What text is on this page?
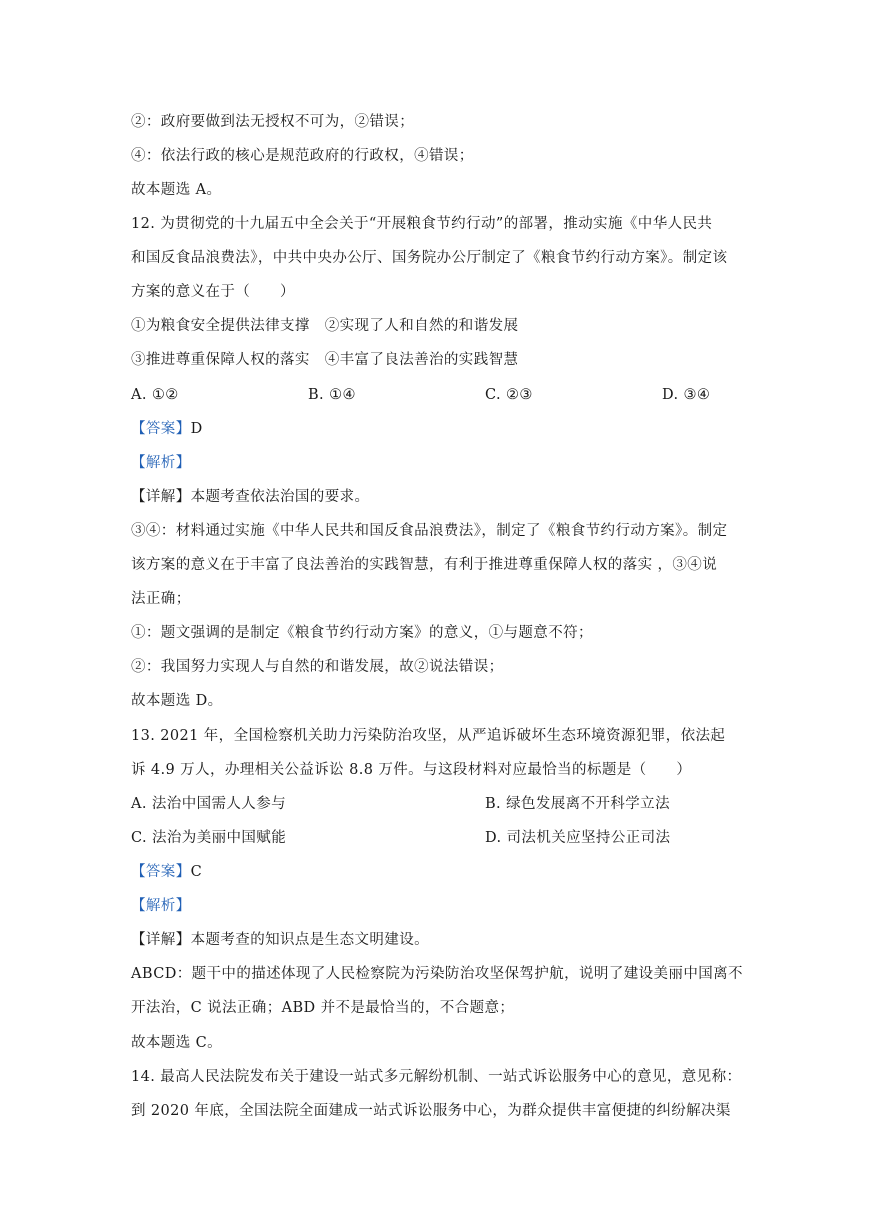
②：政府要做到法无授权不可为，②错误；
④：依法行政的核心是规范政府的行政权，④错误；
故本题选 A。
12. 为贯彻党的十九届五中全会关于“开展粮食节约行动”的部署，推动实施《中华人民共
和国反食品浪费法》，中共中央办公厅、国务院办公厅制定了《粮食节约行动方案》。制定该
方案的意义在于（　　）
①为粮食安全提供法律支撑　②实现了人和自然的和谐发展
③推进尊重保障人权的落实　④丰富了良法善治的实践智慧
A. ①②	B. ①④	C. ②③	D. ③④
【答案】D
【解析】
【详解】本题考查依法治国的要求。
③④：材料通过实施《中华人民共和国反食品浪费法》，制定了《粮食节约行动方案》。制定
该方案的意义在于丰富了良法善治的实践智慧，有利于推进尊重保障人权的落实 ，③④说
法正确；
①：题文强调的是制定《粮食节约行动方案》的意义，①与题意不符；
②：我国努力实现人与自然的和谐发展，故②说法错误；
故本题选 D。
13. 2021 年，全国检察机关助力污染防治攻坚，从严追诉破坏生态环境资源犯罪，依法起
诉 4.9 万人，办理相关公益诉讼 8.8 万件。与这段材料对应最恰当的标题是（　　）
A. 法治中国需人人参与	B. 绿色发展离不开科学立法
C. 法治为美丽中国赋能	D. 司法机关应坚持公正司法
【答案】C
【解析】
【详解】本题考查的知识点是生态文明建设。
ABCD：题干中的描述体现了人民检察院为污染防治攻坚保驾护航，说明了建设美丽中国离不
开法治，C 说法正确；ABD 并不是最恰当的，不合题意；
故本题选 C。
14. 最高人民法院发布关于建设一站式多元解纷机制、一站式诉讼服务中心的意见，意见称：
到 2020 年底，全国法院全面建成一站式诉讼服务中心，为群众提供丰富便捷的纠纷解决渠
